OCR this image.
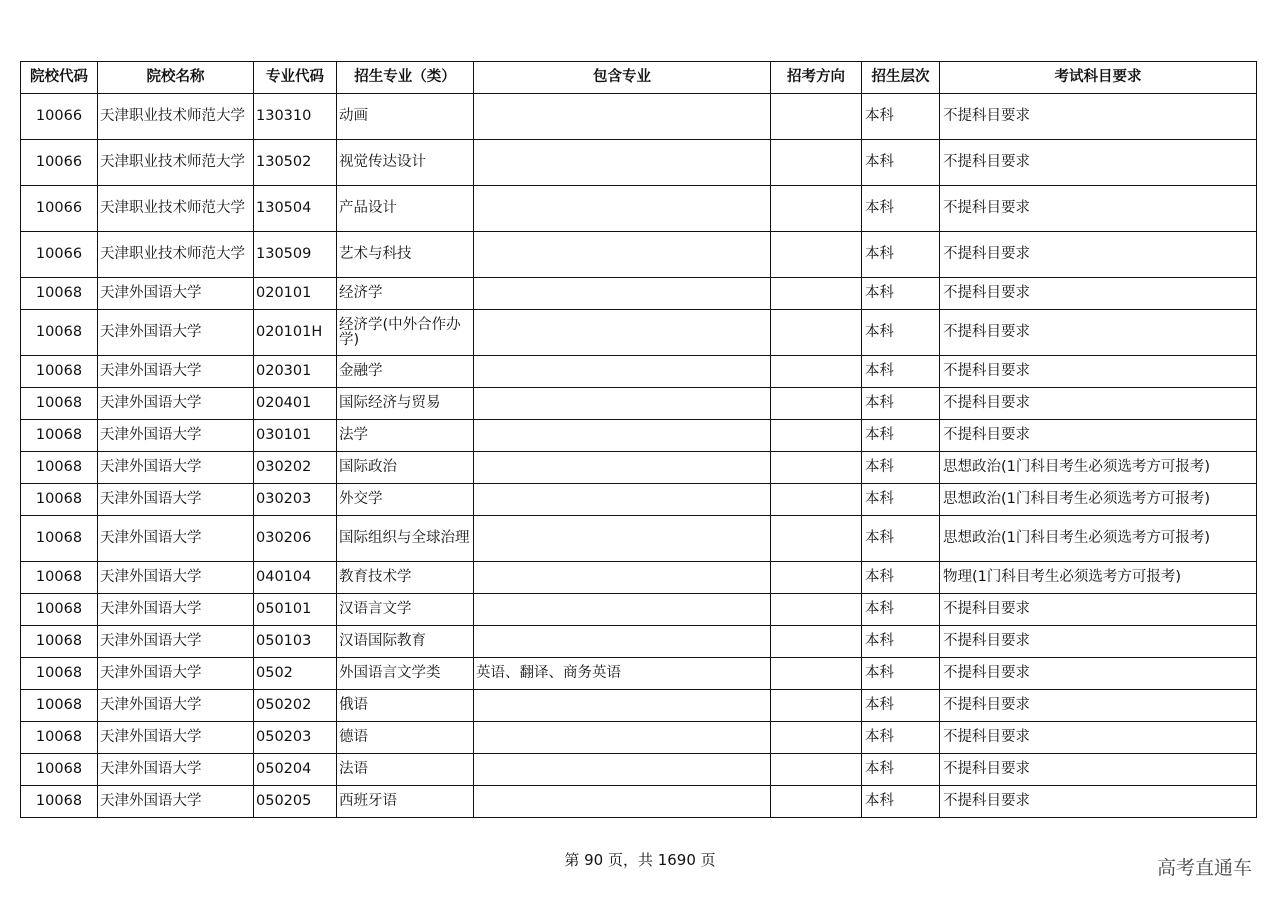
院校代码	院校名称	专业代码	招生专业（类）	包含专业	招考方向	招生层次	考试科目要求
10066	天津职业技术师范大学	130310	动画			本科	不提科目要求
10066	天津职业技术师范大学	130502	视觉传达设计			本科	不提科目要求
10066	天津职业技术师范大学	130504	产品设计			本科	不提科目要求
10066	天津职业技术师范大学	130509	艺术与科技			本科	不提科目要求
10068	天津外国语大学	020101	经济学			本科	不提科目要求
10068	天津外国语大学	020101H	经济学(中外合作办学)			本科	不提科目要求
10068	天津外国语大学	020301	金融学			本科	不提科目要求
10068	天津外国语大学	020401	国际经济与贸易			本科	不提科目要求
10068	天津外国语大学	030101	法学			本科	不提科目要求
10068	天津外国语大学	030202	国际政治			本科	思想政治(1门科目考生必须选考方可报考)
10068	天津外国语大学	030203	外交学			本科	思想政治(1门科目考生必须选考方可报考)
10068	天津外国语大学	030206	国际组织与全球治理			本科	思想政治(1门科目考生必须选考方可报考)
10068	天津外国语大学	040104	教育技术学			本科	物理(1门科目考生必须选考方可报考)
10068	天津外国语大学	050101	汉语言文学			本科	不提科目要求
10068	天津外国语大学	050103	汉语国际教育			本科	不提科目要求
10068	天津外国语大学	0502	外国语言文学类	英语、翻译、商务英语		本科	不提科目要求
10068	天津外国语大学	050202	俄语			本科	不提科目要求
10068	天津外国语大学	050203	德语			本科	不提科目要求
10068	天津外国语大学	050204	法语			本科	不提科目要求
10068	天津外国语大学	050205	西班牙语			本科	不提科目要求
第 90 页，共 1690 页	高考直通车
